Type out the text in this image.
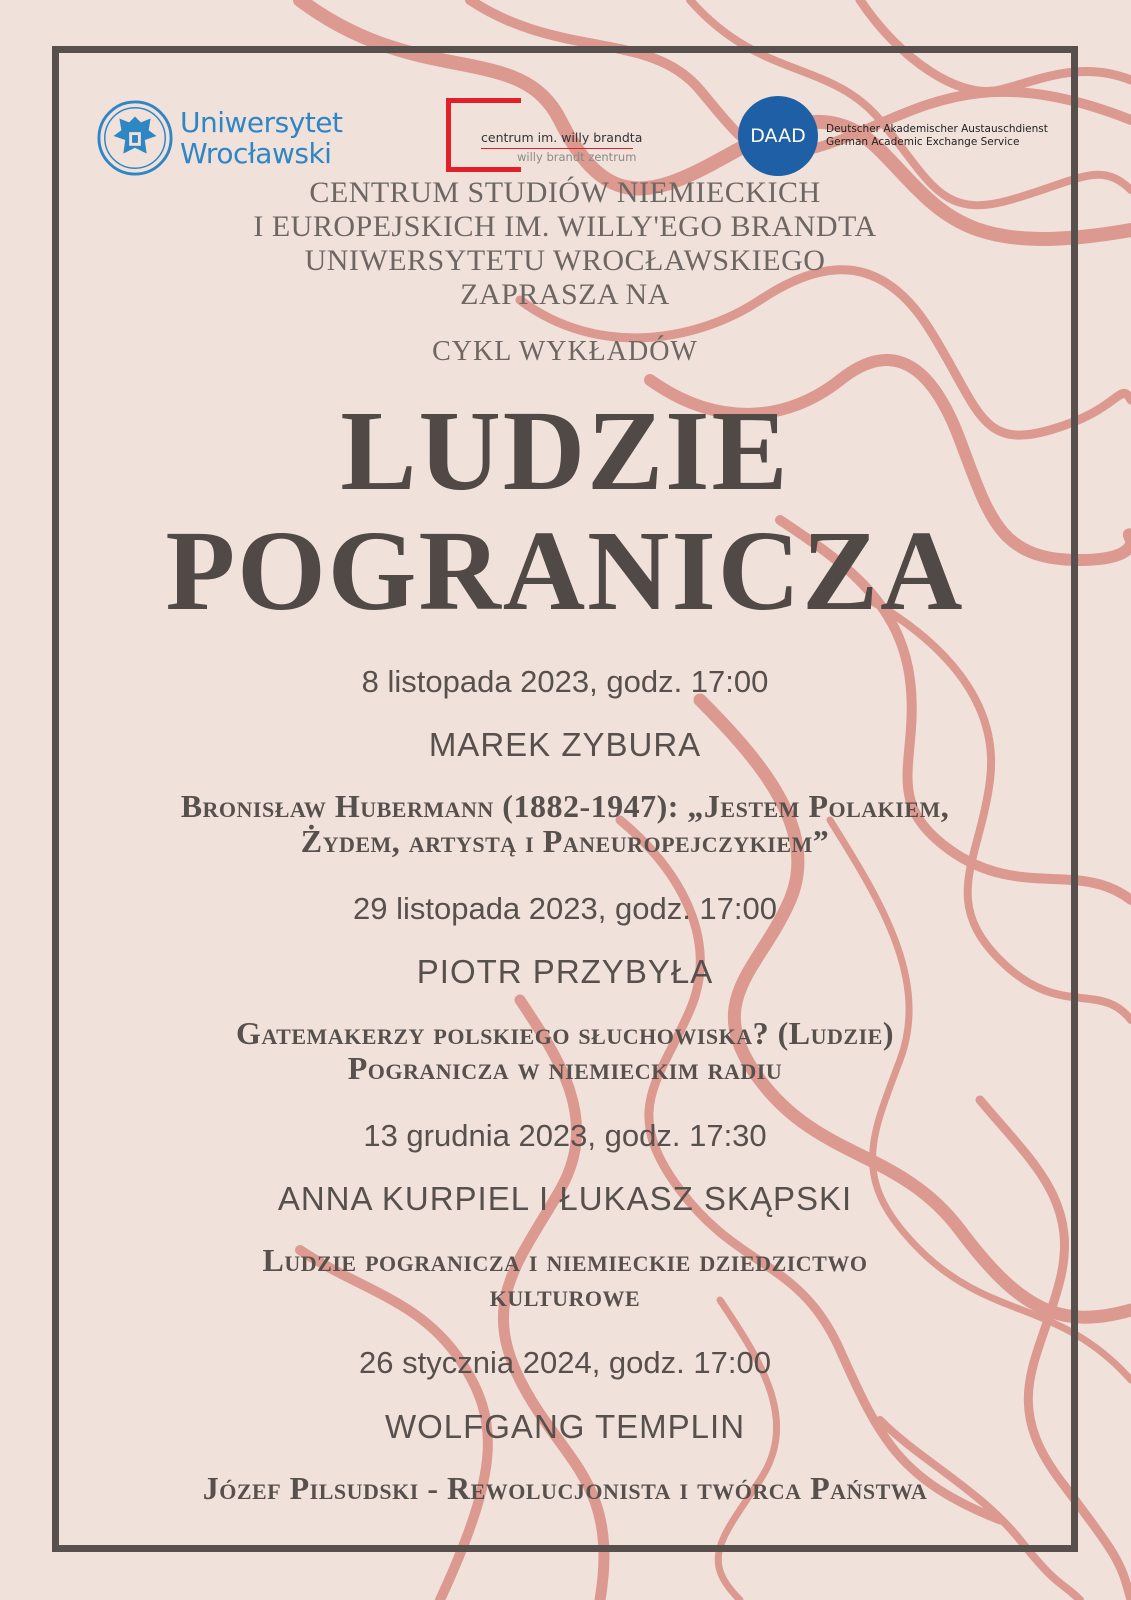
Uniwersytet
Wrocławski	centrum im. willy brandta
willy brandt zentrum
DAAD	Deutscher Akademischer Austauschdienst
German Academic Exchange Service
CENTRUM STUDIÓW NIEMIECKICH
I EUROPEJSKICH IM. WILLY'EGO BRANDTA
UNIWERSYTETU WROCŁAWSKIEGO
ZAPRASZA NA
CYKL WYKŁADÓW
LUDZIE
POGRANICZA
8 listopada 2023, godz. 17:00
MAREK ZYBURA
Bronisław Hubermann (1882-1947): „Jestem Polakiem,
Żydem, artystą i Paneuropejczykiem”
29 listopada 2023, godz. 17:00
PIOTR PRZYBYŁA
Gatemakerzy polskiego słuchowiska? (Ludzie)
Pogranicza w niemieckim radiu
13 grudnia 2023, godz. 17:30
ANNA KURPIEL I ŁUKASZ SKĄPSKI
Ludzie pogranicza i niemieckie dziedzictwo
kulturowe
26 stycznia 2024, godz. 17:00
WOLFGANG TEMPLIN
Józef Pilsudski - Rewolucjonista i twórca Państwa
